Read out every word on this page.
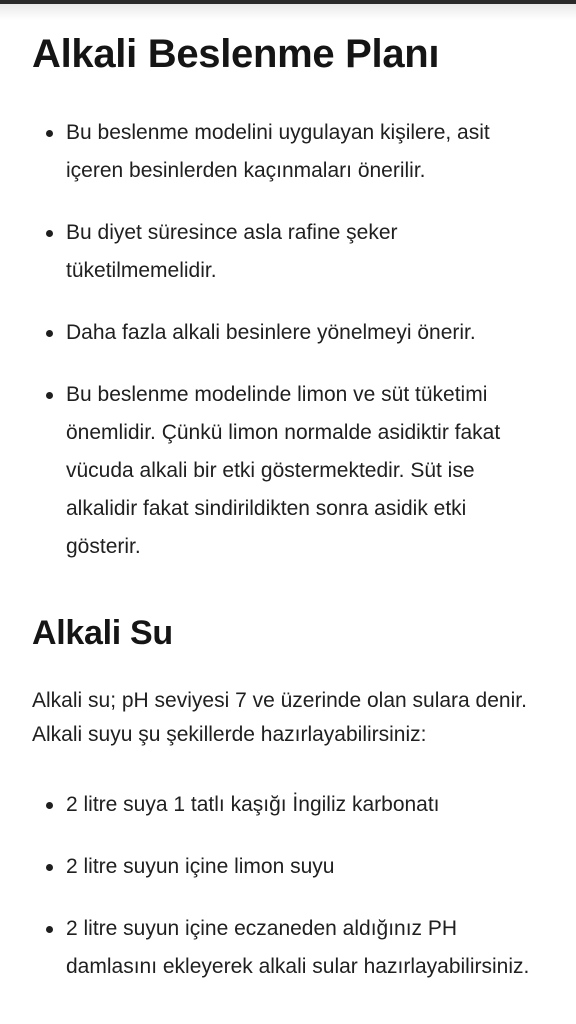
Alkali Beslenme Planı
Bu beslenme modelini uygulayan kişilere, asit içeren besinlerden kaçınmaları önerilir.
Bu diyet süresince asla rafine şeker tüketilmemelidir.
Daha fazla alkali besinlere yönelmeyi önerir.
Bu beslenme modelinde limon ve süt tüketimi önemlidir. Çünkü limon normalde asidiktir fakat vücuda alkali bir etki göstermektedir. Süt ise alkalidir fakat sindirildikten sonra asidik etki gösterir.
Alkali Su

Alkali su; pH seviyesi 7 ve üzerinde olan sulara denir. Alkali suyu şu şekillerde hazırlayabilirsiniz:

2 litre suya 1 tatlı kaşığı İngiliz karbonatı
2 litre suyun içine limon suyu
2 litre suyun içine eczaneden aldığınız PH damlasını ekleyerek alkali sular hazırlayabilirsiniz.
